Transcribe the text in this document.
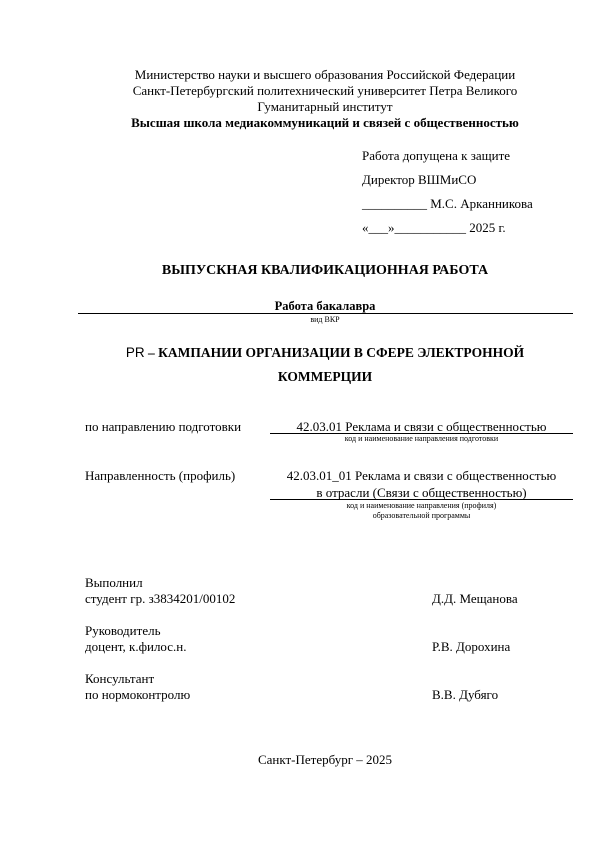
Министерство науки и высшего образования Российской Федерации
Санкт-Петербургский политехнический университет Петра Великого
Гуманитарный институт
Высшая школа медиакоммуникаций и связей с общественностью
Работа допущена к защите
Директор ВШМиСО
__________ М.С. Арканникова
«___»___________ 2025 г.
ВЫПУСКНАЯ КВАЛИФИКАЦИОННАЯ РАБОТА
Работа бакалавра
вид ВКР
PR – КАМПАНИИ ОРГАНИЗАЦИИ В СФЕРЕ ЭЛЕКТРОННОЙ
КОММЕРЦИИ
по направлению подготовки	42.03.01 Реклама и связи с общественностью
код и наименование направления подготовки
Направленность (профиль)	42.03.01_01 Реклама и связи с общественностью
в отрасли (Связи с общественностью)
код и наименование направления (профиля)
образовательной программы
Выполнил
студент гр. з3834201/00102	Д.Д. Мещанова
Руководитель
доцент, к.филос.н.	Р.В. Дорохина
Консультант
по нормоконтролю	В.В. Дубяго
Санкт-Петербург – 2025
